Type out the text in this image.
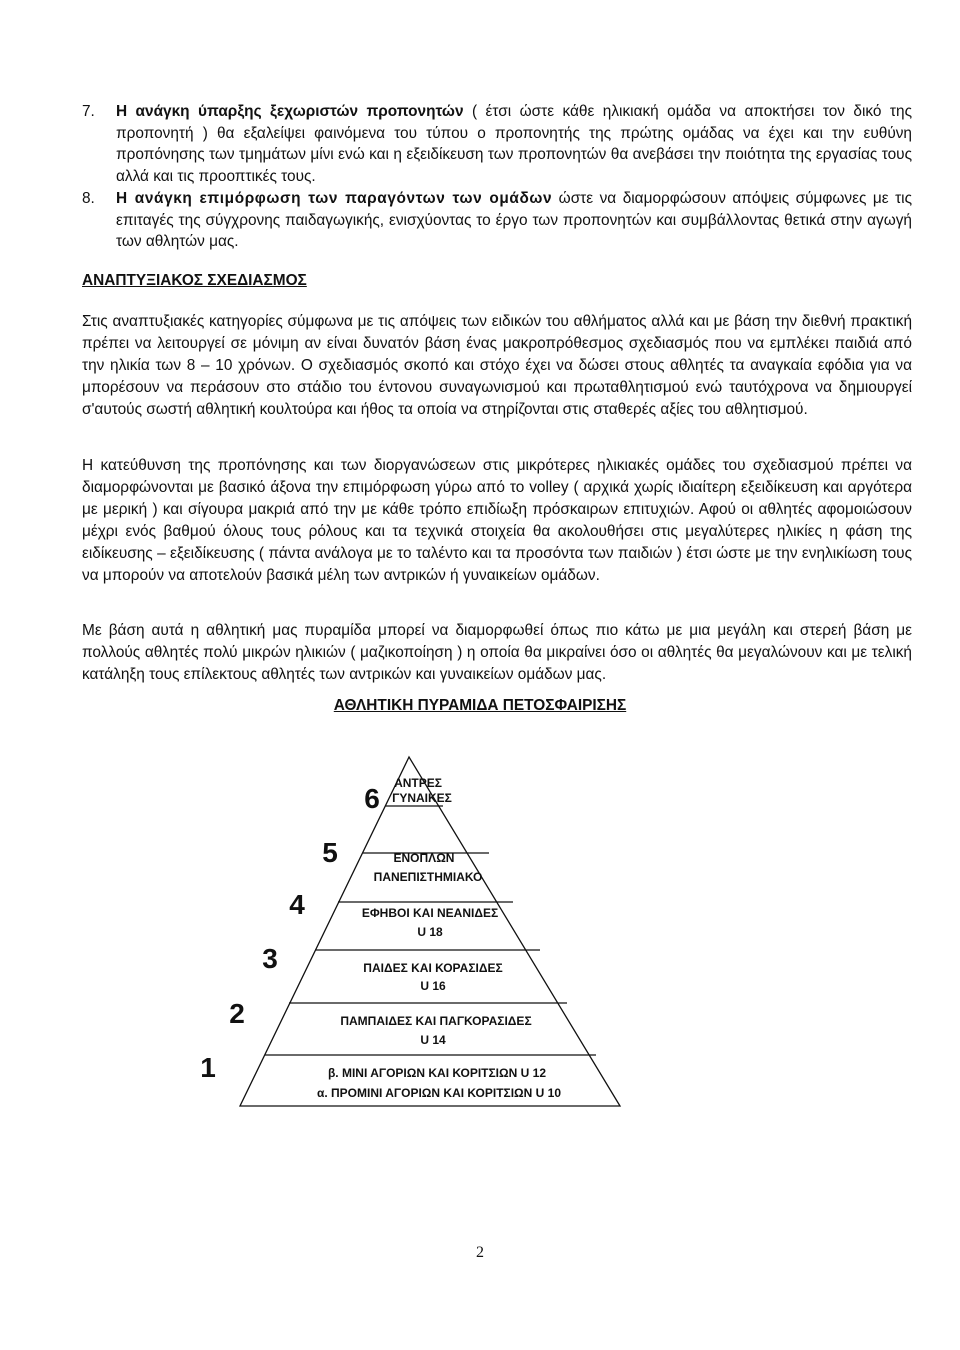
7. Η ανάγκη ύπαρξης ξεχωριστών προπονητών ( έτσι ώστε κάθε ηλικιακή ομάδα να αποκτήσει τον δικό της προπονητή ) θα εξαλείψει φαινόμενα του τύπου ο προπονητής της πρώτης ομάδας να έχει και την ευθύνη προπόνησης των τμημάτων μίνι ενώ και η εξειδίκευση των προπονητών θα ανεβάσει την ποιότητα της εργασίας τους αλλά και τις προοπτικές τους.
8. Η ανάγκη επιμόρφωση των παραγόντων των ομάδων ώστε να διαμορφώσουν απόψεις σύμφωνες με τις επιταγές της σύγχρονης παιδαγωγικής, ενισχύοντας το έργο των προπονητών και συμβάλλοντας θετικά στην αγωγή των αθλητών μας.
ΑΝΑΠΤΥΞΙΑΚΟΣ ΣΧΕΔΙΑΣΜΟΣ

Στις αναπτυξιακές κατηγορίες σύμφωνα με τις απόψεις των ειδικών του αθλήματος αλλά και με βάση την διεθνή πρακτική πρέπει να λειτουργεί σε μόνιμη αν είναι δυνατόν βάση ένας μακροπρόθεσμος σχεδιασμός που να εμπλέκει παιδιά από την ηλικία των 8 – 10 χρόνων. Ο σχεδιασμός σκοπό και στόχο έχει να δώσει στους αθλητές τα αναγκαία εφόδια για να μπορέσουν να περάσουν στο στάδιο του έντονου συναγωνισμού και πρωταθλητισμού ενώ ταυτόχρονα να δημιουργεί σ'αυτούς σωστή αθλητική κουλτούρα και ήθος τα οποία να στηρίζονται στις σταθερές αξίες του αθλητισμού.

Η κατεύθυνση της προπόνησης και των διοργανώσεων στις μικρότερες ηλικιακές ομάδες του σχεδιασμού πρέπει να διαμορφώνονται με βασικό άξονα την επιμόρφωση γύρω από το volley ( αρχικά χωρίς ιδιαίτερη εξειδίκευση και αργότερα με μερική ) και σίγουρα μακριά από την με κάθε τρόπο επιδίωξη πρόσκαιρων επιτυχιών. Αφού οι αθλητές αφομοιώσουν μέχρι ενός βαθμού όλους τους ρόλους και τα τεχνικά στοιχεία θα ακολουθήσει στις μεγαλύτερες ηλικίες η φάση της ειδίκευσης – εξειδίκευσης ( πάντα ανάλογα με το ταλέντο και τα προσόντα των παιδιών ) έτσι ώστε με την ενηλικίωση τους να μπορούν να αποτελούν βασικά μέλη των αντρικών ή γυναικείων ομάδων.

Με βάση αυτά η αθλητική μας πυραμίδα μπορεί να διαμορφωθεί όπως πιο κάτω με μια μεγάλη και στερεή βάση με πολλούς αθλητές πολύ μικρών ηλικιών ( μαζικοποίηση ) η οποία θα μικραίνει όσο οι αθλητές θα μεγαλώνουν και με τελική κατάληξη τους επίλεκτους αθλητές των αντρικών και γυναικείων ομάδων μας.

ΑΘΛΗΤΙΚΗ ΠΥΡΑΜΙΔΑ ΠΕΤΟΣΦΑΙΡΙΣΗΣ

6 ΑΝΤΡΕΣ
ΓΥΝΑΙΚΕΣ
5	ΕΝΟΠΛΩΝ
ΠΑΝΕΠΙΣΤΗΜΙΑΚΟ
4	ΕΦΗΒΟΙ ΚΑΙ ΝΕΑΝΙΔΕΣ
U 18
3	ΠΑΙΔΕΣ ΚΑΙ ΚΟΡΑΣΙΔΕΣ
U 16
2	ΠΑΜΠΑΙΔΕΣ ΚΑΙ ΠΑΓΚΟΡΑΣΙΔΕΣ
U 14
1	β. ΜΙΝΙ ΑΓΟΡΙΩΝ ΚΑΙ ΚΟΡΙΤΣΙΩΝ U 12
α. ΠΡΟΜΙΝΙ ΑΓΟΡΙΩΝ ΚΑΙ ΚΟΡΙΤΣΙΩΝ U 10
2
